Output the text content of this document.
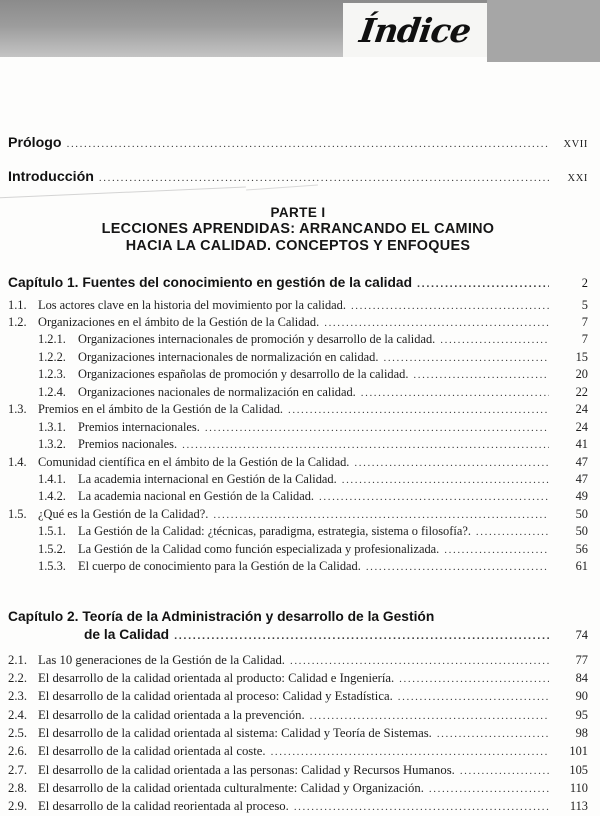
Índice
Prólogo .....	XVII
Introducción .....	XXI
PARTE I
LECCIONES APRENDIDAS: ARRANCANDO EL CAMINO
HACIA LA CALIDAD. CONCEPTOS Y ENFOQUES
Capítulo 1. Fuentes del conocimiento en gestión de la calidad .....	2
1.1. Los actores clave en la historia del movimiento por la calidad. .....	5
1.2. Organizaciones en el ámbito de la Gestión de la Calidad. .....	7
1.2.1. Organizaciones internacionales de promoción y desarrollo de la calidad. .....	7
1.2.2. Organizaciones internacionales de normalización en calidad. .....	15
1.2.3. Organizaciones españolas de promoción y desarrollo de la calidad. .....	20
1.2.4. Organizaciones nacionales de normalización en calidad. .....	22
1.3. Premios en el ámbito de la Gestión de la Calidad. .....	24
1.3.1. Premios internacionales. .....	24
1.3.2. Premios nacionales. .....	41
1.4. Comunidad científica en el ámbito de la Gestión de la Calidad. .....	47
1.4.1. La academia internacional en Gestión de la Calidad. .....	47
1.4.2. La academia nacional en Gestión de la Calidad. .....	49
1.5. ¿Qué es la Gestión de la Calidad?. .....	50
1.5.1. La Gestión de la Calidad: ¿técnicas, paradigma, estrategia, sistema o filosofía?. .....	50
1.5.2. La Gestión de la Calidad como función especializada y profesionalizada. .....	56
1.5.3. El cuerpo de conocimiento para la Gestión de la Calidad. .....	61
Capítulo 2. Teoría de la Administración y desarrollo de la Gestión
de la Calidad .....	74
2.1. Las 10 generaciones de la Gestión de la Calidad. .....	77
2.2. El desarrollo de la calidad orientada al producto: Calidad e Ingeniería. .....	84
2.3. El desarrollo de la calidad orientada al proceso: Calidad y Estadística. .....	90
2.4. El desarrollo de la calidad orientada a la prevención. .....	95
2.5. El desarrollo de la calidad orientada al sistema: Calidad y Teoría de Sistemas. .....	98
2.6. El desarrollo de la calidad orientada al coste. .....	101
2.7. El desarrollo de la calidad orientada a las personas: Calidad y Recursos Humanos. .....	105
2.8. El desarrollo de la calidad orientada culturalmente: Calidad y Organización. .....	110
2.9. El desarrollo de la calidad reorientada al proceso. .....	113
